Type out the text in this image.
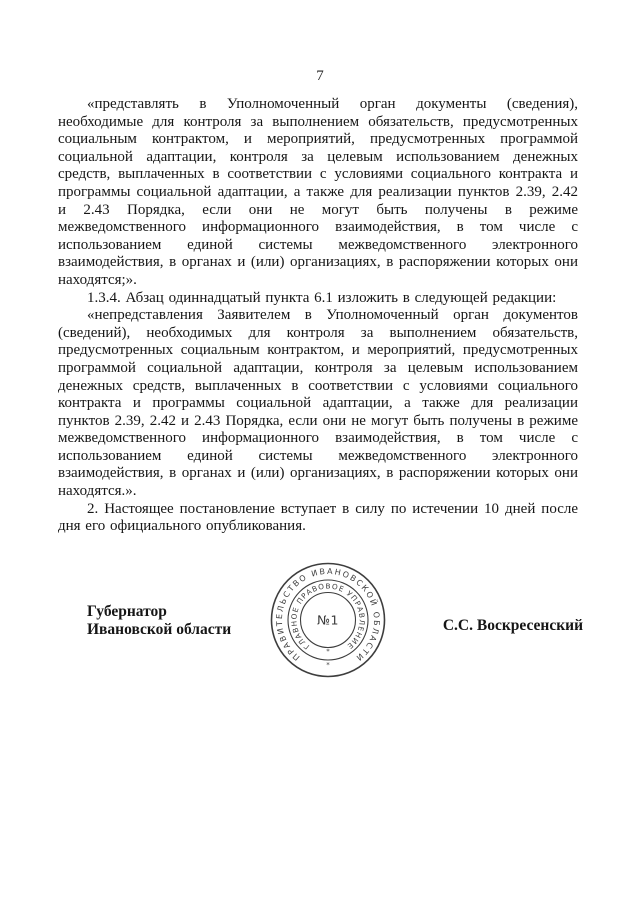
7

«представлять в Уполномоченный орган документы (сведения), необходимые для контроля за выполнением обязательств, предусмотренных социальным контрактом, и мероприятий, предусмотренных программой социальной адаптации, контроля за целевым использованием денежных средств, выплаченных в соответствии с условиями социального контракта и программы социальной адаптации, а также для реализации пунктов 2.39, 2.42 и 2.43 Порядка, если они не могут быть получены в режиме межведомственного информационного взаимодействия, в том числе с использованием единой системы межведомственного электронного взаимодействия, в органах и (или) организациях, в распоряжении которых они находятся;».

1.3.4. Абзац одиннадцатый пункта 6.1 изложить в следующей редакции:

«непредставления Заявителем в Уполномоченный орган документов (сведений), необходимых для контроля за выполнением обязательств, предусмотренных социальным контрактом, и мероприятий, предусмотренных программой социальной адаптации, контроля за целевым использованием денежных средств, выплаченных в соответствии с условиями социального контракта и программы социальной адаптации, а также для реализации пунктов 2.39, 2.42 и 2.43 Порядка, если они не могут быть получены в режиме межведомственного информационного взаимодействия, в том числе с использованием единой системы межведомственного электронного взаимодействия, в органах и (или) организациях, в распоряжении которых они находятся.».

2. Настоящее постановление вступает в силу по истечении 10 дней после дня его официального опубликования.

Губернатор
Ивановской области	С.С. Воскресенский
ПРАВИТЕЛЬСТВО ИВАНОВСКОЙ ОБЛАСТИ
ГЛАВНОЕ ПРАВОВОЕ УПРАВЛЕНИЕ
№1
*
*
